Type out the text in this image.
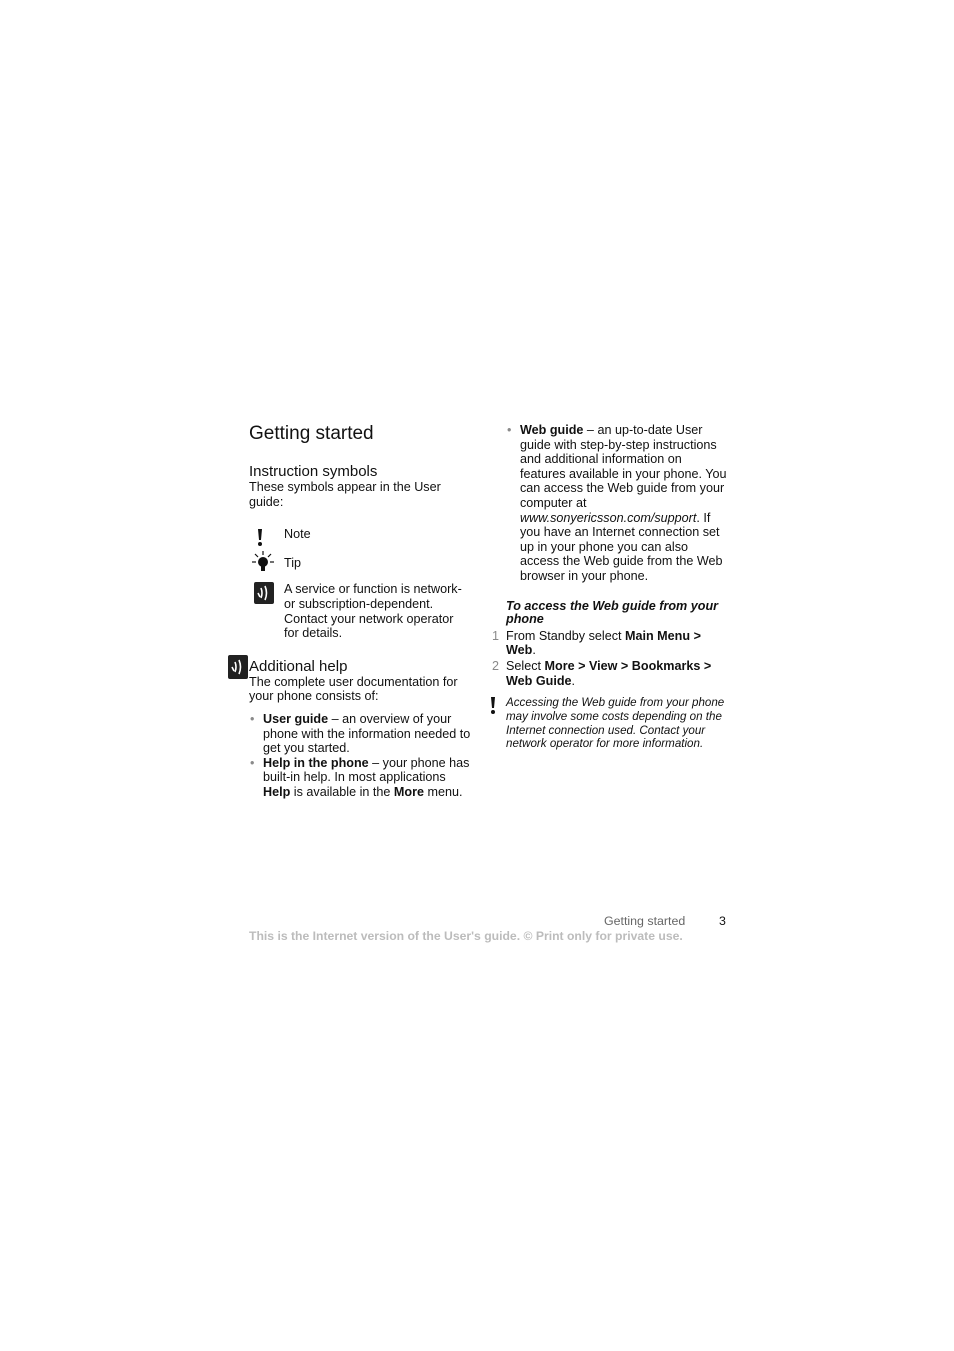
Getting started
Instruction symbols

These symbols appear in the User guide:

Note
Tip
A service or function is network- or subscription-dependent. Contact your network operator for details.
Additional help

The complete user documentation for your phone consists of:

• User guide – an overview of your phone with the information needed to get you started.
• Help in the phone – your phone has built-in help. In most applications Help is available in the More menu.
• Web guide – an up-to-date User guide with step-by-step instructions and additional information on features available in your phone. You can access the Web guide from your computer at www.sonyericsson.com/support. If you have an Internet connection set up in your phone you can also access the Web guide from the Web browser in your phone.

To access the Web guide from your phone

1 From Standby select Main Menu > Web.
2 Select More > View > Bookmarks > Web Guide.
Accessing the Web guide from your phone may involve some costs depending on the Internet connection used. Contact your network operator for more information.
Getting started	3
This is the Internet version of the User's guide. © Print only for private use.
